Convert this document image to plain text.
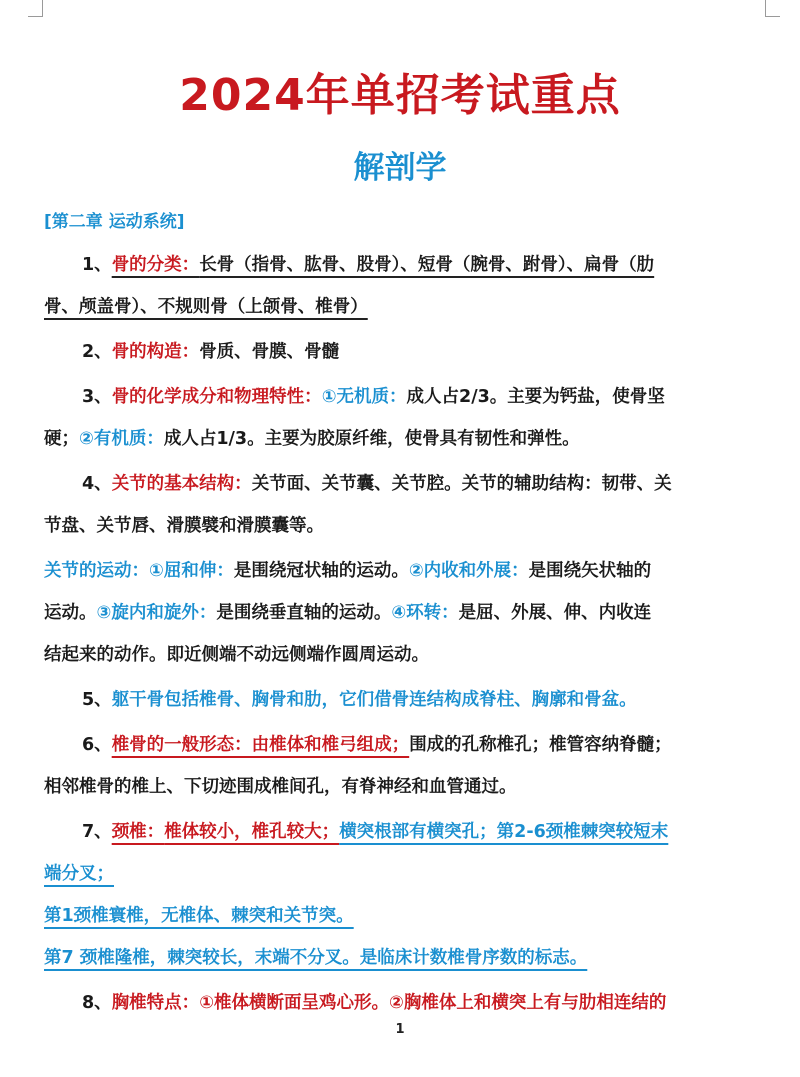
2024年单招考试重点
解剖学

[第二章 运动系统]

1、骨的分类：长骨（指骨、肱骨、股骨）、短骨（腕骨、跗骨）、扁骨（肋

骨、颅盖骨）、不规则骨（上颌骨、椎骨）

2、骨的构造：骨质、骨膜、骨髓

3、骨的化学成分和物理特性：①无机质：成人占2/3。主要为钙盐，使骨坚

硬；②有机质：成人占1/3。主要为胶原纤维，使骨具有韧性和弹性。

4、关节的基本结构：关节面、关节囊、关节腔。关节的辅助结构：韧带、关

节盘、关节唇、滑膜襞和滑膜囊等。

关节的运动：①屈和伸：是围绕冠状轴的运动。②内收和外展：是围绕矢状轴的

运动。③旋内和旋外：是围绕垂直轴的运动。④环转：是屈、外展、伸、内收连

结起来的动作。即近侧端不动远侧端作圆周运动。

5、躯干骨包括椎骨、胸骨和肋，它们借骨连结构成脊柱、胸廓和骨盆。

6、椎骨的一般形态：由椎体和椎弓组成；围成的孔称椎孔；椎管容纳脊髓；

相邻椎骨的椎上、下切迹围成椎间孔，有脊神经和血管通过。

7、颈椎：椎体较小，椎孔较大；横突根部有横突孔；第2-6颈椎棘突较短末

端分叉；

第1颈椎寰椎，无椎体、棘突和关节突。

第7 颈椎隆椎，棘突较长，末端不分叉。是临床计数椎骨序数的标志。

8、胸椎特点：①椎体横断面呈鸡心形。②胸椎体上和横突上有与肋相连结的

1
